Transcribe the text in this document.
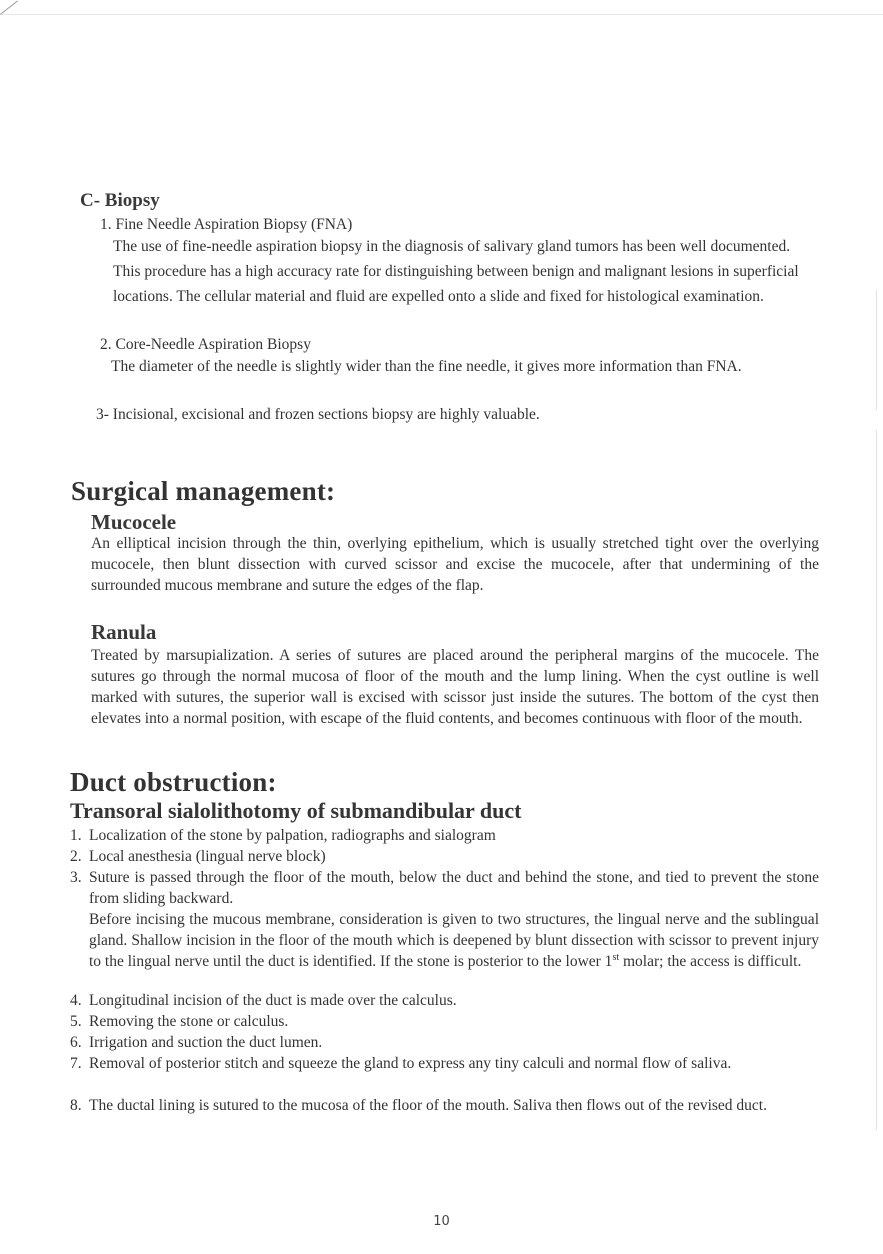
C- Biopsy

1. Fine Needle Aspiration Biopsy (FNA)

The use of fine-needle aspiration biopsy in the diagnosis of salivary gland tumors has been well documented. This procedure has a high accuracy rate for distinguishing between benign and malignant lesions in superficial locations. The cellular material and fluid are expelled onto a slide and fixed for histological examination.

2. Core-Needle Aspiration Biopsy

The diameter of the needle is slightly wider than the fine needle, it gives more information than FNA.

3- Incisional, excisional and frozen sections biopsy are highly valuable.

Surgical management:
Mucocele

An elliptical incision through the thin, overlying epithelium, which is usually stretched tight over the overlying mucocele, then blunt dissection with curved scissor and excise the mucocele, after that undermining of the surrounded mucous membrane and suture the edges of the flap.

Ranula

Treated by marsupialization. A series of sutures are placed around the peripheral margins of the mucocele. The sutures go through the normal mucosa of floor of the mouth and the lump lining. When the cyst outline is well marked with sutures, the superior wall is excised with scissor just inside the sutures. The bottom of the cyst then elevates into a normal position, with escape of the fluid contents, and becomes continuous with floor of the mouth.

Duct obstruction:
Transoral sialolithotomy of submandibular duct
1. Localization of the stone by palpation, radiographs and sialogram

2. Local anesthesia (lingual nerve block)

3. Suture is passed through the floor of the mouth, below the duct and behind the stone, and tied to prevent the stone from sliding backward.

Before incising the mucous membrane, consideration is given to two structures, the lingual nerve and the sublingual gland. Shallow incision in the floor of the mouth which is deepened by blunt dissection with scissor to prevent injury to the lingual nerve until the duct is identified. If the stone is posterior to the lower 1st molar; the access is difficult.

4. Longitudinal incision of the duct is made over the calculus.

5. Removing the stone or calculus.

6. Irrigation and suction the duct lumen.

7. Removal of posterior stitch and squeeze the gland to express any tiny calculi and normal flow of saliva.

8. The ductal lining is sutured to the mucosa of the floor of the mouth. Saliva then flows out of the revised duct.

10
